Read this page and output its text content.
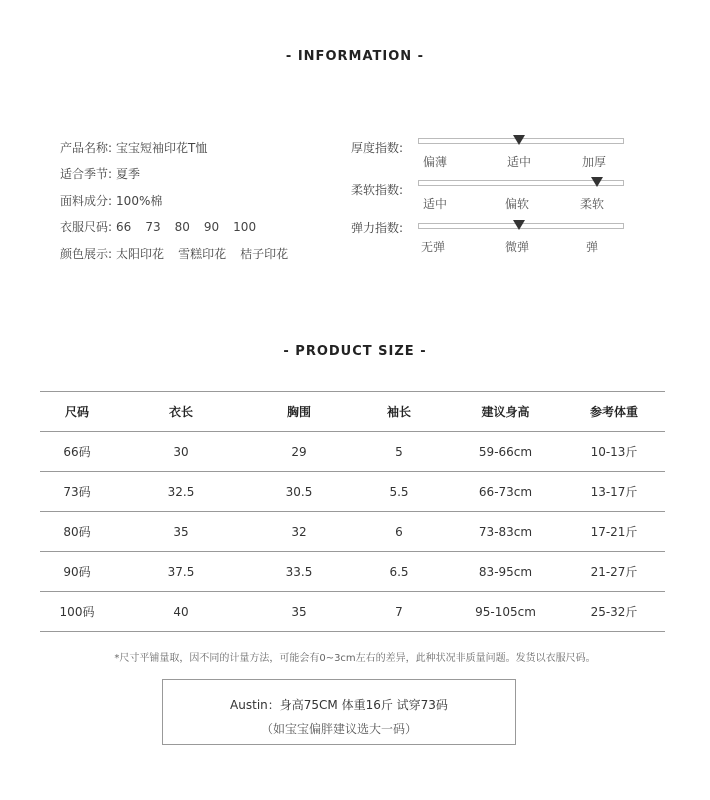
- INFORMATION -
产品名称: 宝宝短袖印花T恤
适合季节: 夏季
面料成分: 100%棉
衣服尺码: 66 73 80 90 100
颜色展示: 太阳印花 雪糕印花 桔子印花
厚度指数:
偏薄	适中	加厚
柔软指数:
适中	偏软	柔软
弹力指数:
无弹	微弹	弹
- PRODUCT SIZE -
尺码	衣长	胸围	袖长	建议身高	参考体重
66码	30	29	5	59-66cm	10-13斤
73码	32.5	30.5	5.5	66-73cm	13-17斤
80码	35	32	6	73-83cm	17-21斤
90码	37.5	33.5	6.5	83-95cm	21-27斤
100码	40	35	7	95-105cm	25-32斤
*尺寸平铺量取，因不同的计量方法，可能会有0~3cm左右的差异，此种状况非质量问题。发货以衣服尺码。
Austin：身高75CM 体重16斤 试穿73码
（如宝宝偏胖建议选大一码）
